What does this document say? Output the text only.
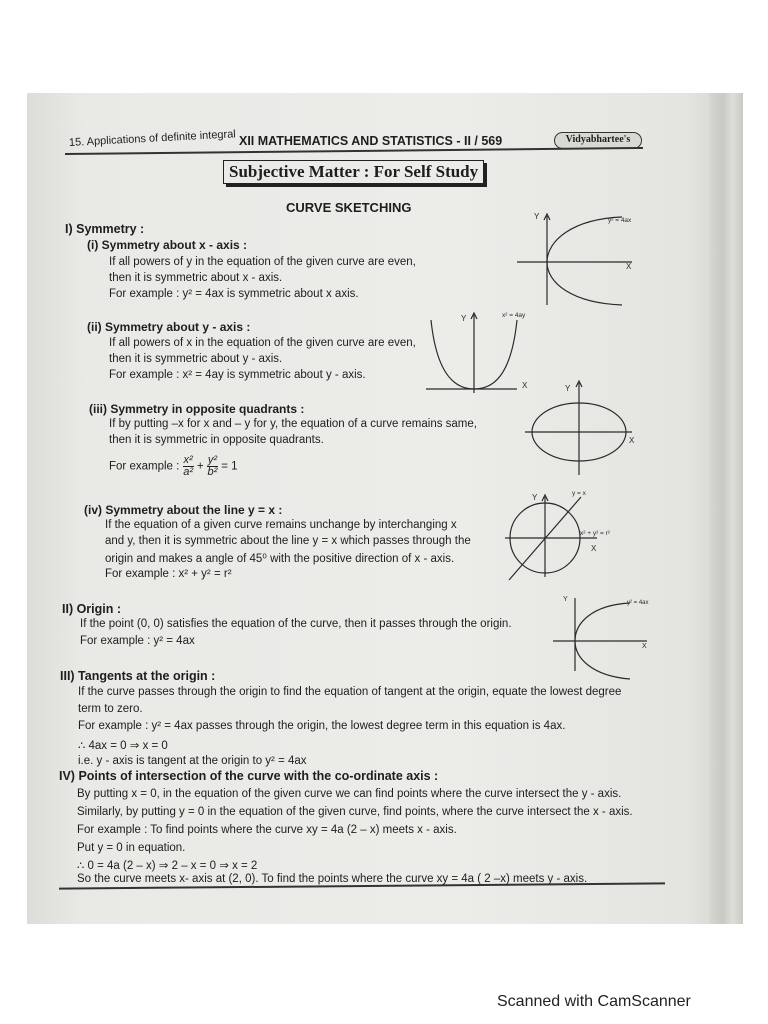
15. Applications of definite integral XII MATHEMATICS AND STATISTICS - II / 569	Vidyabhartee's
Subjective Matter : For Self Study
CURVE SKETCHING
I) Symmetry :
(i) Symmetry about x - axis :
If all powers of y in the equation of the given curve are even,
then it is symmetric about x - axis.
For example : y² = 4ax is symmetric about x axis.
(ii) Symmetry about y - axis :
If all powers of x in the equation of the given curve are even,
then it is symmetric about y - axis.
For example : x² = 4ay is symmetric about y - axis.
(iii) Symmetry in opposite quadrants :
If by putting –x for x and – y for y, the equation of a curve remains same,
then it is symmetric in opposite quadrants.
For example : $\frac{\text{x²}}{\text{a²}} + \frac{\text{y²}}{\text{b²}} = 1$
(iv) Symmetry about the line y = x :
If the equation of a given curve remains unchange by interchanging x
and y, then it is symmetric about the line y = x which passes through the
origin and makes a angle of 45⁰ with the positive direction of x - axis.
For example : x² + y² = r²
II) Origin :
If the point (0, 0) satisfies the equation of the curve, then it passes through the origin.
For example : y² = 4ax
III) Tangents at the origin :
If the curve passes through the origin to find the equation of tangent at the origin, equate the lowest degree
term to zero.
For example : y² = 4ax passes through the origin, the lowest degree term in this equation is 4ax.
∴ 4ax = 0 ⇒ x = 0
i.e. y - axis is tangent at the origin to y² = 4ax
IV) Points of intersection of the curve with the co-ordinate axis :
By putting x = 0, in the equation of the given curve we can find points where the curve intersect the y - axis.
Similarly, by putting y = 0 in the equation of the given curve, find points, where the curve intersect the x - axis.
For example : To find points where the curve xy = 4a (2 – x) meets x - axis.
Put y = 0 in equation.
∴ 0 = 4a (2 – x) ⇒ 2 – x = 0 ⇒ x = 2
So the curve meets x- axis at (2, 0). To find the points where the curve xy = 4a ( 2 –x) meets y - axis.
Y
X
y² = 4ax
Y
X
x² = 4ay
Y
X
Y
X
y = x
x² + y² = r²
Y
X
y² = 4ax
Scanned with CamScanner
